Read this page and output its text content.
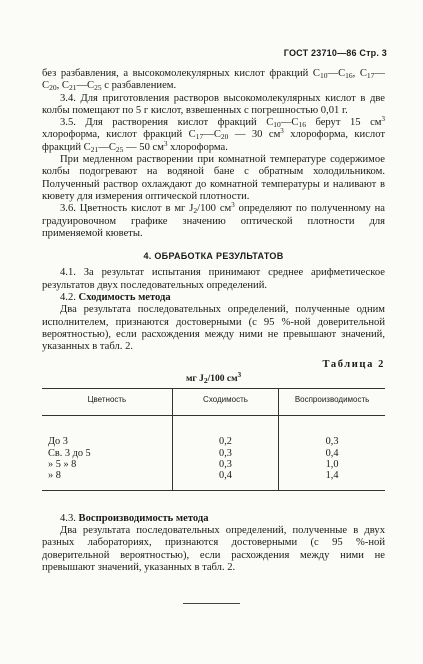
ГОСТ 23710—86 Стр. 3

без разбавления, а высокомолекулярных кислот фракций $C_{10}—C_{16}$, $C_{17}—C_{20}$, $C_{21}—C_{25}$ с разбавлением.

3.4. Для приготовления растворов высокомолекулярных кислот в две колбы помещают по 5 г кислот, взвешенных с погрешностью 0,01 г.

3.5. Для растворения кислот фракций $C_{10}—C_{16}$ берут 15 $см^3$ хлороформа, кислот фракций $C_{17}—C_{20}$ — 30 $см^3$ хлороформа, кислот фракций $C_{21}—C_{25}$ — 50 $см^3$ хлороформа.

При медленном растворении при комнатной температуре содержимое колбы подогревают на водяной бане с обратным холодильником. Полученный раствор охлаждают до комнатной температуры и наливают в кювету для измерения оптической плотности.

3.6. Цветность кислот в мг $J_2/100$ $см^3$ определяют по полученному на градуировочном графике значению оптической плотности для применяемой кюветы.

4. ОБРАБОТКА РЕЗУЛЬТАТОВ

4.1. За результат испытания принимают среднее арифметическое результатов двух последовательных определений.

4.2. Сходимость метода

Два результата последовательных определений, полученные одним исполнителем, признаются достоверными (с 95 %-ной доверительной вероятностью), если расхождения между ними не превышают значений, указанных в табл. 2.

Таблица 2
мг $J_2/100$ $см^3$
Цветность	Сходимость	Воспроизводимость
До 3	0,2	0,3
Св. 3 до 5	0,3	0,4
» 5 » 8	0,3	1,0
» 8	0,4	1,4

4.3. Воспроизводимость метода

Два результата последовательных определений, полученные в двух разных лабораториях, признаются достоверными (с 95 %-ной доверительной вероятностью), если расхождения между ними не превышают значений, указанных в табл. 2.
